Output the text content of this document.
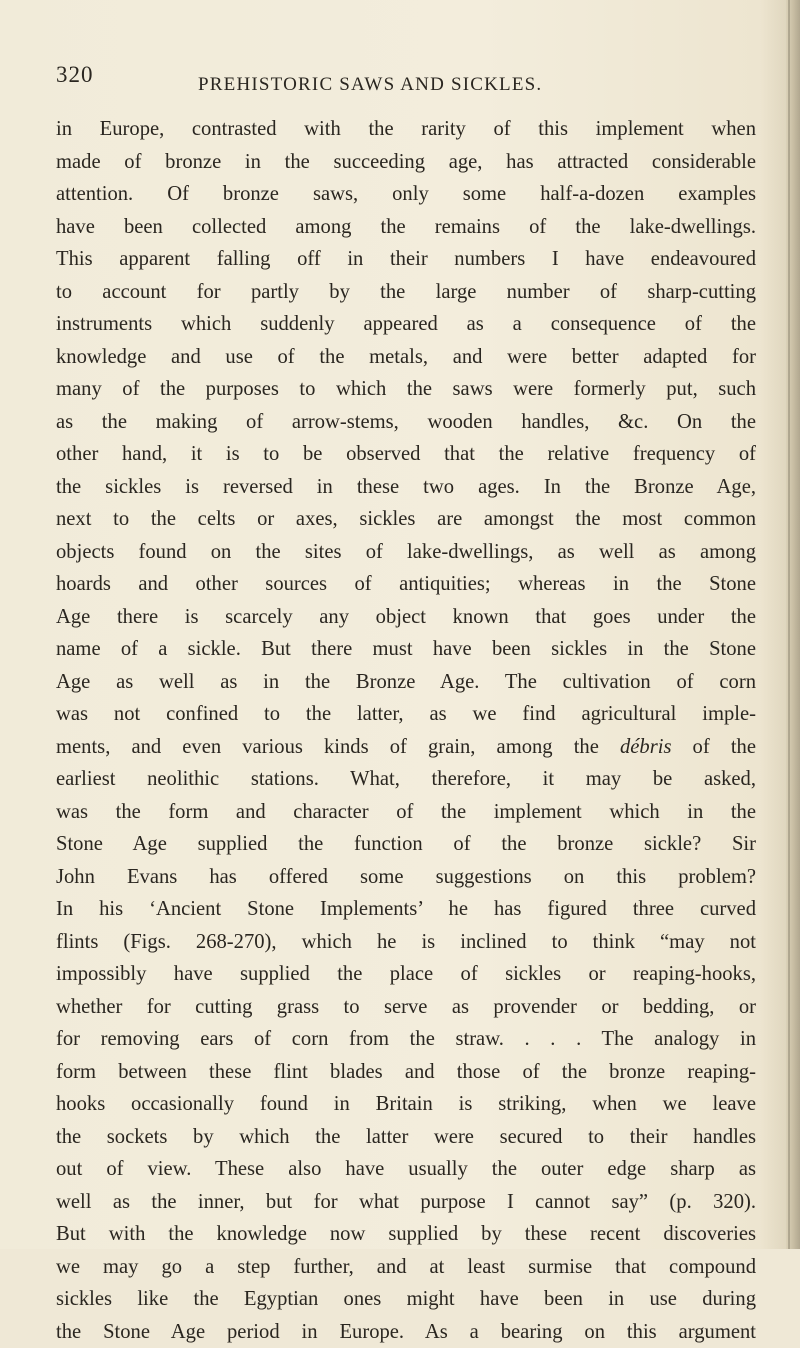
320	PREHISTORIC SAWS AND SICKLES.
in Europe, contrasted with the rarity of this implement when
made of bronze in the succeeding age, has attracted considerable
attention. Of bronze saws, only some half-a-dozen examples
have been collected among the remains of the lake-dwellings.
This apparent falling off in their numbers I have endeavoured
to account for partly by the large number of sharp-cutting
instruments which suddenly appeared as a consequence of the
knowledge and use of the metals, and were better adapted for
many of the purposes to which the saws were formerly put, such
as the making of arrow-stems, wooden handles, &c. On the
other hand, it is to be observed that the relative frequency of
the sickles is reversed in these two ages. In the Bronze Age,
next to the celts or axes, sickles are amongst the most common
objects found on the sites of lake-dwellings, as well as among
hoards and other sources of antiquities; whereas in the Stone
Age there is scarcely any object known that goes under the
name of a sickle. But there must have been sickles in the Stone
Age as well as in the Bronze Age. The cultivation of corn
was not confined to the latter, as we find agricultural imple-
ments, and even various kinds of grain, among the débris of the
earliest neolithic stations. What, therefore, it may be asked,
was the form and character of the implement which in the
Stone Age supplied the function of the bronze sickle? Sir
John Evans has offered some suggestions on this problem?
In his ‘Ancient Stone Implements’ he has figured three curved
flints (Figs. 268-270), which he is inclined to think “may not
impossibly have supplied the place of sickles or reaping-hooks,
whether for cutting grass to serve as provender or bedding, or
for removing ears of corn from the straw. . . . The analogy in
form between these flint blades and those of the bronze reaping-
hooks occasionally found in Britain is striking, when we leave
the sockets by which the latter were secured to their handles
out of view. These also have usually the outer edge sharp as
well as the inner, but for what purpose I cannot say” (p. 320).
But with the knowledge now supplied by these recent discoveries
we may go a step further, and at least surmise that compound
sickles like the Egyptian ones might have been in use during
the Stone Age period in Europe. As a bearing on this argument
